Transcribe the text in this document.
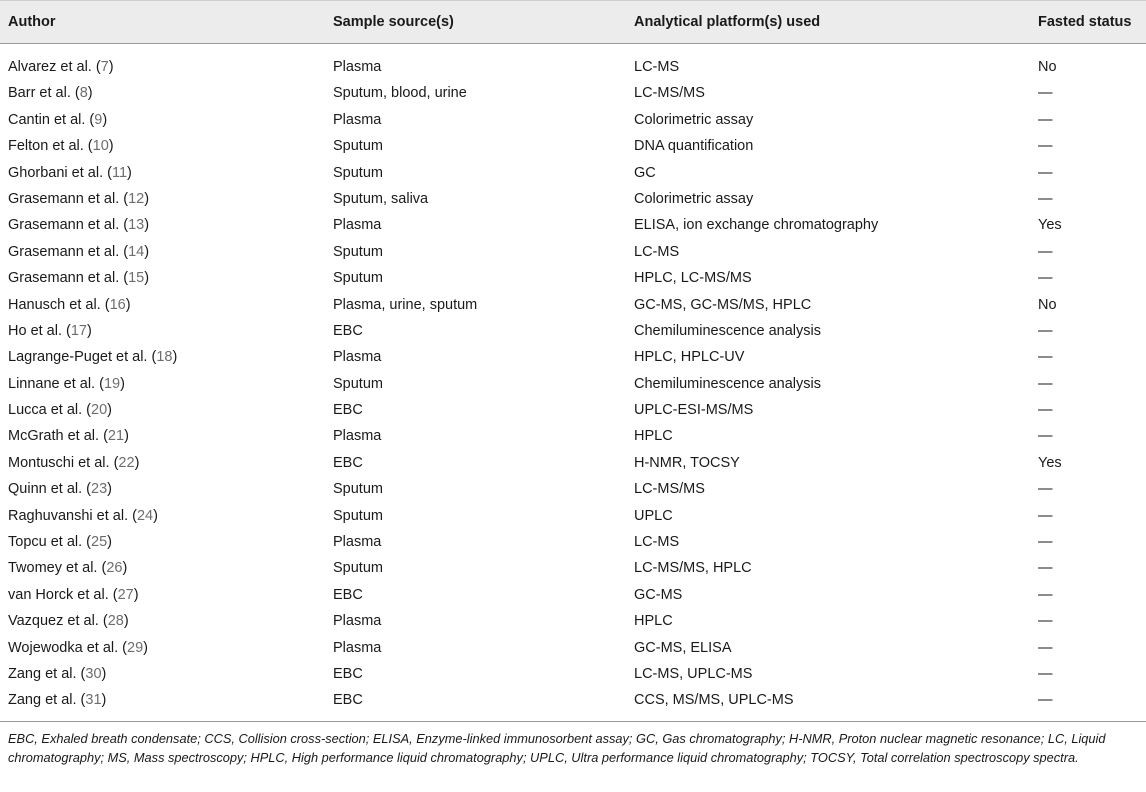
Author	Sample source(s)	Analytical platform(s) used	Fasted status
Alvarez et al. (7)	Plasma	LC-MS	No
Barr et al. (8)	Sputum, blood, urine	LC-MS/MS	—
Cantin et al. (9)	Plasma	Colorimetric assay	—
Felton et al. (10)	Sputum	DNA quantification	—
Ghorbani et al. (11)	Sputum	GC	—
Grasemann et al. (12)	Sputum, saliva	Colorimetric assay	—
Grasemann et al. (13)	Plasma	ELISA, ion exchange chromatography	Yes
Grasemann et al. (14)	Sputum	LC-MS	—
Grasemann et al. (15)	Sputum	HPLC, LC-MS/MS	—
Hanusch et al. (16)	Plasma, urine, sputum	GC-MS, GC-MS/MS, HPLC	No
Ho et al. (17)	EBC	Chemiluminescence analysis	—
Lagrange-Puget et al. (18)	Plasma	HPLC, HPLC-UV	—
Linnane et al. (19)	Sputum	Chemiluminescence analysis	—
Lucca et al. (20)	EBC	UPLC-ESI-MS/MS	—
McGrath et al. (21)	Plasma	HPLC	—
Montuschi et al. (22)	EBC	H-NMR, TOCSY	Yes
Quinn et al. (23)	Sputum	LC-MS/MS	—
Raghuvanshi et al. (24)	Sputum	UPLC	—
Topcu et al. (25)	Plasma	LC-MS	—
Twomey et al. (26)	Sputum	LC-MS/MS, HPLC	—
van Horck et al. (27)	EBC	GC-MS	—
Vazquez et al. (28)	Plasma	HPLC	—
Wojewodka et al. (29)	Plasma	GC-MS, ELISA	—
Zang et al. (30)	EBC	LC-MS, UPLC-MS	—
Zang et al. (31)	EBC	CCS, MS/MS, UPLC-MS	—
EBC, Exhaled breath condensate; CCS, Collision cross-section; ELISA, Enzyme-linked immunosorbent assay; GC, Gas chromatography; H-NMR, Proton nuclear magnetic resonance; LC, Liquid chromatography; MS, Mass spectroscopy; HPLC, High performance liquid chromatography; UPLC, Ultra performance liquid chromatography; TOCSY, Total correlation spectroscopy spectra.
